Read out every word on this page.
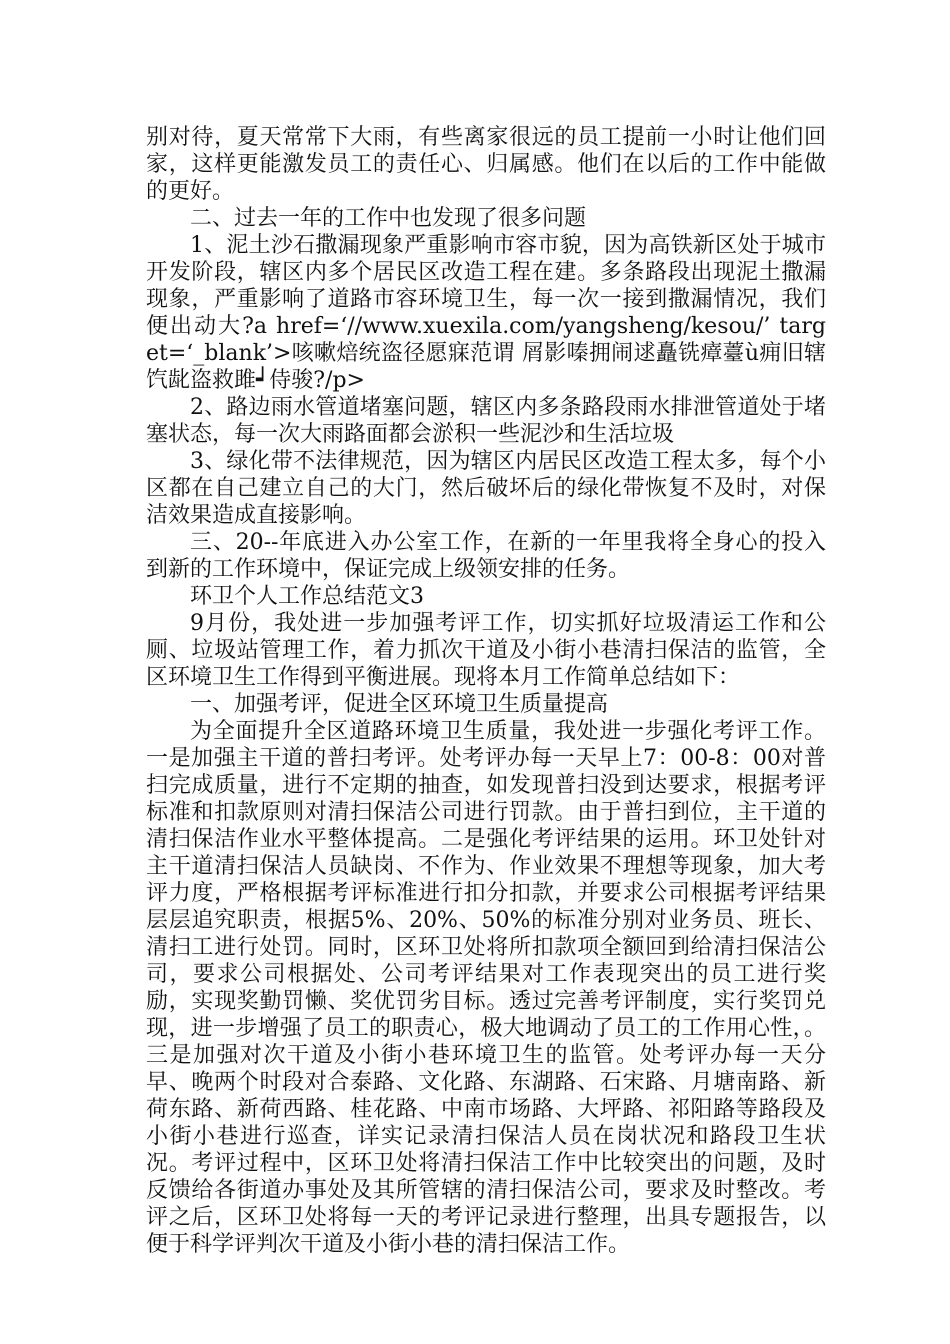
别对待，夏天常常下大雨，有些离家很远的员工提前一小时让他们回家，这样更能激发员工的责任心、归属感。他们在以后的工作中能做的更好。

二、过去一年的工作中也发现了很多问题

1、泥土沙石撒漏现象严重影响市容市貌，因为高铁新区处于城市开发阶段，辖区内多个居民区改造工程在建。多条路段出现泥土撒漏现象，严重影响了道路市容环境卫生，每一次一接到撒漏情况，我们便出动大?a href=‘//www.xuexila.com/yangsheng/kesou/’ target=‘_blank’>咳嗽焙统盗径愿寐范谓 屑影嗪拥闹逑矗铣瘴薹ù痈旧辖饩龀盗救雎┙侍骏?/p>

2、路边雨水管道堵塞问题，辖区内多条路段雨水排泄管道处于堵塞状态，每一次大雨路面都会淤积一些泥沙和生活垃圾

3、绿化带不法律规范，因为辖区内居民区改造工程太多，每个小区都在自己建立自己的大门，然后破坏后的绿化带恢复不及时，对保洁效果造成直接影响。

三、20--年底进入办公室工作，在新的一年里我将全身心的投入到新的工作环境中，保证完成上级领安排的任务。

环卫个人工作总结范文3

9月份，我处进一步加强考评工作，切实抓好垃圾清运工作和公厕、垃圾站管理工作，着力抓次干道及小街小巷清扫保洁的监管，全区环境卫生工作得到平衡进展。现将本月工作简单总结如下：

一、加强考评，促进全区环境卫生质量提高

为全面提升全区道路环境卫生质量，我处进一步强化考评工作。一是加强主干道的普扫考评。处考评办每一天早上7：00-8：00对普扫完成质量，进行不定期的抽查，如发现普扫没到达要求，根据考评标准和扣款原则对清扫保洁公司进行罚款。由于普扫到位，主干道的清扫保洁作业水平整体提高。二是强化考评结果的运用。环卫处针对主干道清扫保洁人员缺岗、不作为、作业效果不理想等现象，加大考评力度，严格根据考评标准进行扣分扣款，并要求公司根据考评结果层层追究职责，根据5%、20%、50%的标准分别对业务员、班长、清扫工进行处罚。同时，区环卫处将所扣款项全额回到给清扫保洁公司，要求公司根据处、公司考评结果对工作表现突出的员工进行奖励，实现奖勤罚懒、奖优罚劣目标。透过完善考评制度，实行奖罚兑现，进一步增强了员工的职责心，极大地调动了员工的工作用心性，。三是加强对次干道及小街小巷环境卫生的监管。处考评办每一天分早、晚两个时段对合泰路、文化路、东湖路、石宋路、月塘南路、新荷东路、新荷西路、桂花路、中南市场路、大坪路、祁阳路等路段及小街小巷进行巡查，详实记录清扫保洁人员在岗状况和路段卫生状况。考评过程中，区环卫处将清扫保洁工作中比较突出的问题，及时反馈给各街道办事处及其所管辖的清扫保洁公司，要求及时整改。考评之后，区环卫处将每一天的考评记录进行整理，出具专题报告，以便于科学评判次干道及小街小巷的清扫保洁工作。
